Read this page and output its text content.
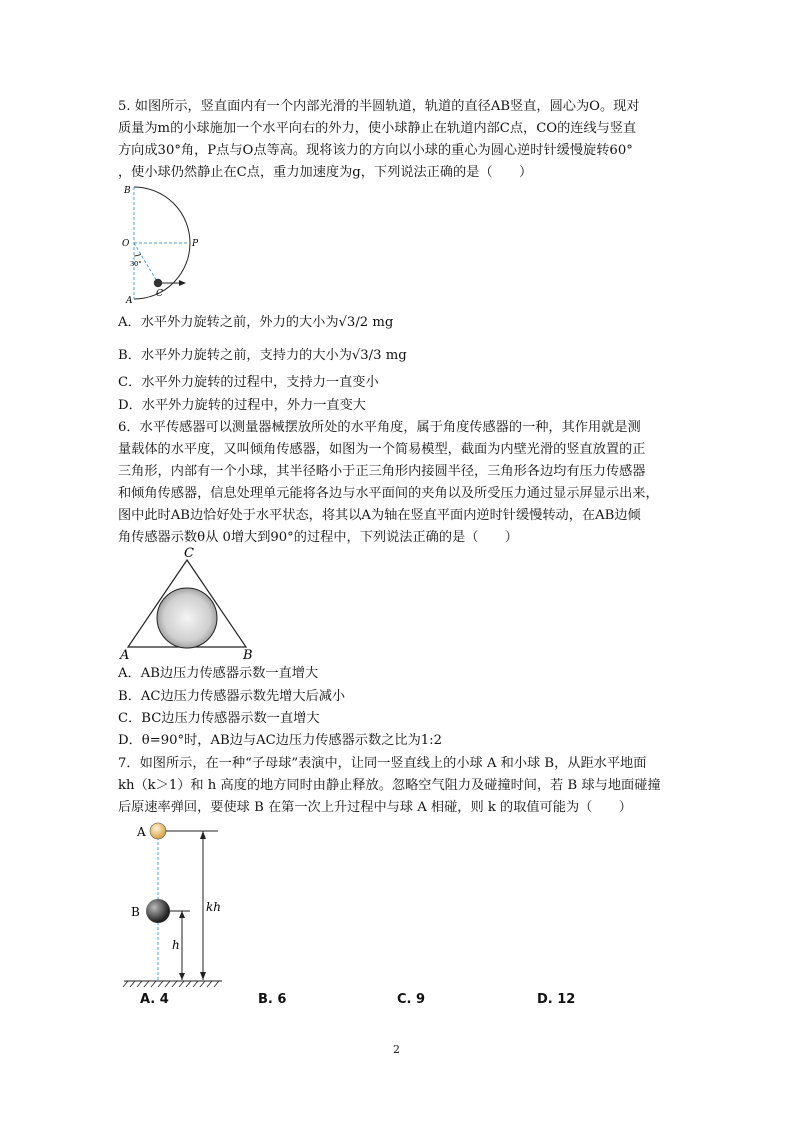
5. 如图所示，竖直面内有一个内部光滑的半圆轨道，轨道的直径AB竖直，圆心为O。现对
质量为m的小球施加一个水平向右的外力，使小球静止在轨道内部C点，CO的连线与竖直
方向成30°角，P点与O点等高。现将该力的方向以小球的重心为圆心逆时针缓慢旋转60°
，使小球仍然静止在C点，重力加速度为g，下列说法正确的是（　　）
B
O	P
A
C
30°
A．水平外力旋转之前，外力的大小为√3/2 mg
B．水平外力旋转之前，支持力的大小为√3/3 mg
C．水平外力旋转的过程中，支持力一直变小
D．水平外力旋转的过程中，外力一直变大
6．水平传感器可以测量器械摆放所处的水平角度，属于角度传感器的一种，其作用就是测
量载体的水平度，又叫倾角传感器，如图为一个简易模型，截面为内壁光滑的竖直放置的正
三角形，内部有一个小球，其半径略小于正三角形内接圆半径，三角形各边均有压力传感器
和倾角传感器，信息处理单元能将各边与水平面间的夹角以及所受压力通过显示屏显示出来，
图中此时AB边恰好处于水平状态，将其以A为轴在竖直平面内逆时针缓慢转动，在AB边倾
角传感器示数θ从 0增大到90°的过程中，下列说法正确的是（　　）
C
A	B
A．AB边压力传感器示数一直增大
B．AC边压力传感器示数先增大后减小
C．BC边压力传感器示数一直增大
D．θ=90°时，AB边与AC边压力传感器示数之比为1:2
7．如图所示，在一种“子母球”表演中，让同一竖直线上的小球 A 和小球 B，从距水平地面
kh（k＞1）和 h 高度的地方同时由静止释放。忽略空气阻力及碰撞时间，若 B 球与地面碰撞
后原速率弹回，要使球 B 在第一次上升过程中与球 A 相碰，则 k 的取值可能为（　　）
A
B	kh
h
A. 4	B. 6	C. 9	D. 12
2
